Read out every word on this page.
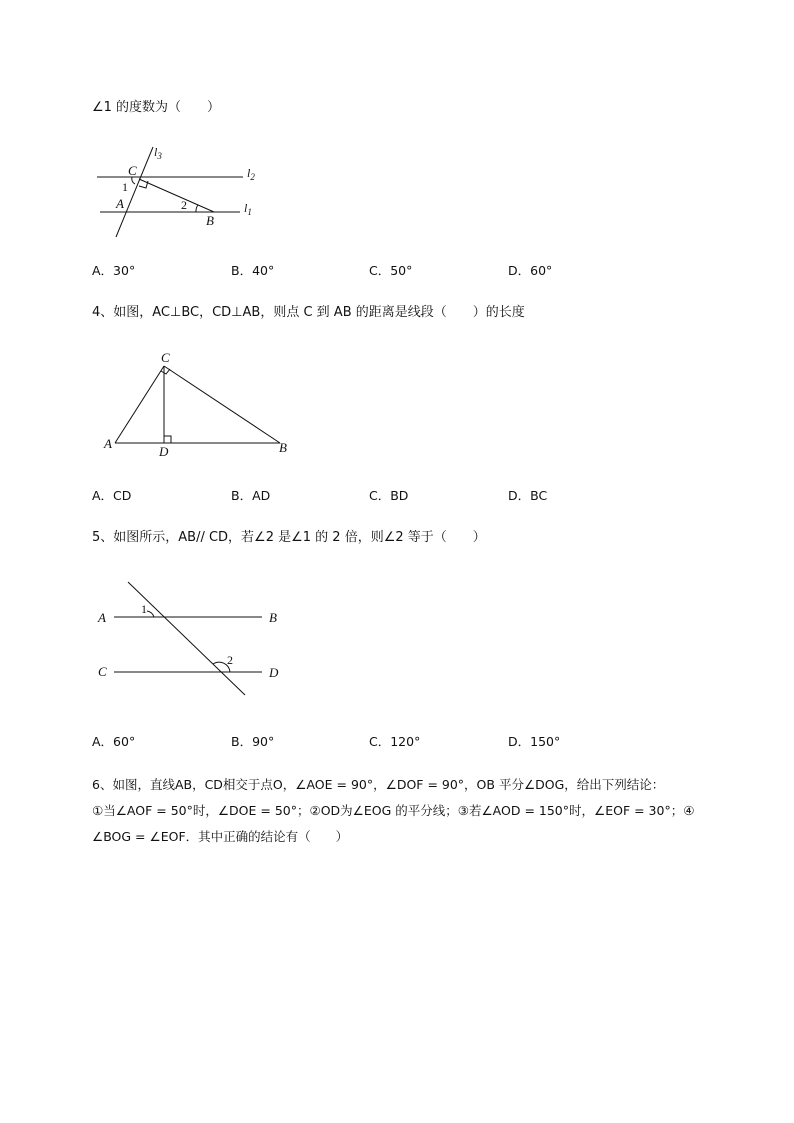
∠1 的度数为（　　）
$l_3$
$l_2$
$l_1$
C
1
A	2
B
A．30°	B．40°	C．50°	D．60°
4、如图，AC⊥BC，CD⊥AB，则点 C 到 AB 的距离是线段（　　）的长度
C
A
D	B
A．CD	B．AD	C．BD	D．BC
5、如图所示，AB// CD，若∠2 是∠1 的 2 倍，则∠2 等于（　　）
A	B
C	D
1
2
A．60°	B．90°	C．120°	D．150°
6、如图，直线AB，CD相交于点O，∠AOE = 90°，∠DOF = 90°，OB 平分∠DOG，给出下列结论：
①当∠AOF = 50°时，∠DOE = 50°；②OD为∠EOG 的平分线；③若∠AOD = 150°时，∠EOF = 30°；④
∠BOG = ∠EOF．其中正确的结论有（　　）
